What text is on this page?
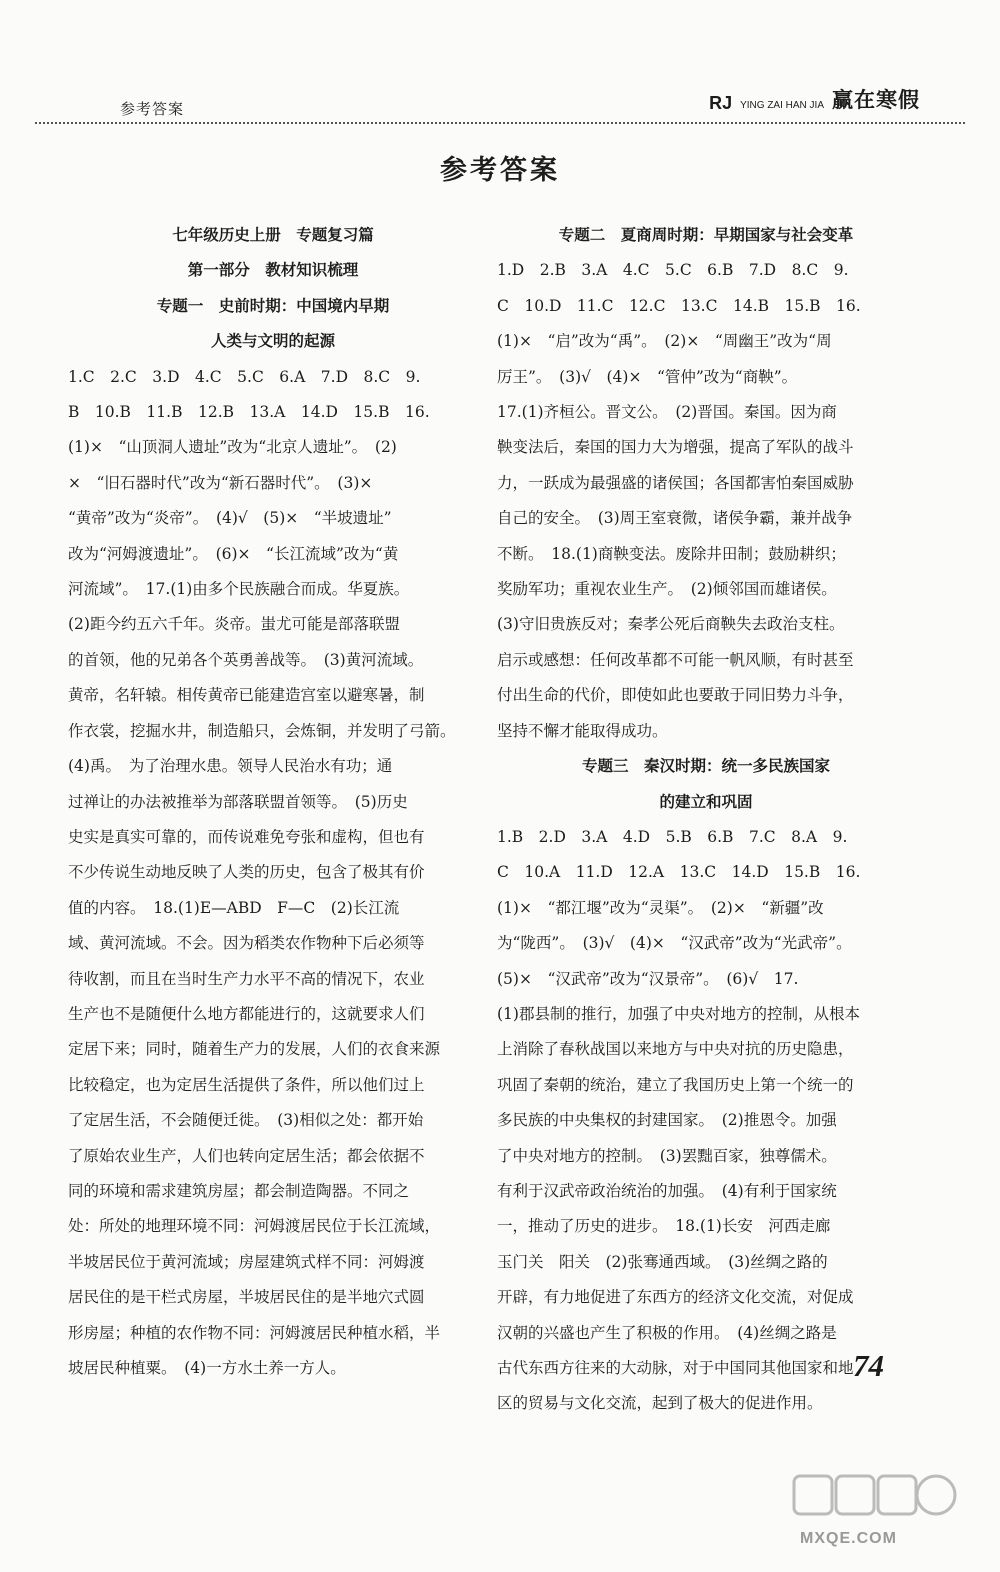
参考答案	RJ YING ZAI HAN JIA 赢在寒假
参考答案

七年级历史上册　专题复习篇

第一部分　教材知识梳理

专题一　史前时期：中国境内早期

人类与文明的起源

1.C　2.C　3.D　4.C　5.C　6.A　7.D　8.C　9.

B　10.B　11.B　12.B　13.A　14.D　15.B　16.

(1)×　“山顶洞人遗址”改为“北京人遗址”。　(2)

×　“旧石器时代”改为“新石器时代”。　(3)×

“黄帝”改为“炎帝”。　(4)√　(5)×　“半坡遗址”

改为“河姆渡遗址”。　(6)×　“长江流域”改为“黄

河流域”。　17.(1)由多个民族融合而成。华夏族。

(2)距今约五六千年。炎帝。蚩尤可能是部落联盟

的首领，他的兄弟各个英勇善战等。　(3)黄河流域。

黄帝，名轩辕。相传黄帝已能建造宫室以避寒暑，制

作衣裳，挖掘水井，制造船只，会炼铜，并发明了弓箭。

(4)禹。　为了治理水患。领导人民治水有功；通

过禅让的办法被推举为部落联盟首领等。　(5)历史

史实是真实可靠的，而传说难免夸张和虚构，但也有

不少传说生动地反映了人类的历史，包含了极其有价

值的内容。　18.(1)E—ABD　F—C　(2)长江流

域、黄河流域。不会。因为稻类农作物种下后必须等

待收割，而且在当时生产力水平不高的情况下，农业

生产也不是随便什么地方都能进行的，这就要求人们

定居下来；同时，随着生产力的发展，人们的衣食来源

比较稳定，也为定居生活提供了条件，所以他们过上

了定居生活，不会随便迁徙。　(3)相似之处：都开始

了原始农业生产，人们也转向定居生活；都会依据不

同的环境和需求建筑房屋；都会制造陶器。不同之

处：所处的地理环境不同：河姆渡居民位于长江流域，

半坡居民位于黄河流域；房屋建筑式样不同：河姆渡

居民住的是干栏式房屋，半坡居民住的是半地穴式圆

形房屋；种植的农作物不同：河姆渡居民种植水稻，半

坡居民种植粟。　(4)一方水土养一方人。

专题二　夏商周时期：早期国家与社会变革

1.D　2.B　3.A　4.C　5.C　6.B　7.D　8.C　9.

C　10.D　11.C　12.C　13.C　14.B　15.B　16.

(1)×　“启”改为“禹”。　(2)×　“周幽王”改为“周

厉王”。　(3)√　(4)×　“管仲”改为“商鞅”。

17.(1)齐桓公。晋文公。　(2)晋国。秦国。因为商

鞅变法后，秦国的国力大为增强，提高了军队的战斗

力，一跃成为最强盛的诸侯国；各国都害怕秦国威胁

自己的安全。　(3)周王室衰微，诸侯争霸，兼并战争

不断。　18.(1)商鞅变法。废除井田制；鼓励耕织；

奖励军功；重视农业生产。　(2)倾邻国而雄诸侯。

(3)守旧贵族反对；秦孝公死后商鞅失去政治支柱。

启示或感想：任何改革都不可能一帆风顺，有时甚至

付出生命的代价，即使如此也要敢于同旧势力斗争，

坚持不懈才能取得成功。

专题三　秦汉时期：统一多民族国家

的建立和巩固

1.B　2.D　3.A　4.D　5.B　6.B　7.C　8.A　9.

C　10.A　11.D　12.A　13.C　14.D　15.B　16.

(1)×　“都江堰”改为“灵渠”。　(2)×　“新疆”改

为“陇西”。　(3)√　(4)×　“汉武帝”改为“光武帝”。

(5)×　“汉武帝”改为“汉景帝”。　(6)√　17.

(1)郡县制的推行，加强了中央对地方的控制，从根本

上消除了春秋战国以来地方与中央对抗的历史隐患，

巩固了秦朝的统治，建立了我国历史上第一个统一的

多民族的中央集权的封建国家。　(2)推恩令。加强

了中央对地方的控制。　(3)罢黜百家，独尊儒术。

有利于汉武帝政治统治的加强。　(4)有利于国家统

一，推动了历史的进步。　18.(1)长安　河西走廊

玉门关　阳关　(2)张骞通西域。　(3)丝绸之路的

开辟，有力地促进了东西方的经济文化交流，对促成

汉朝的兴盛也产生了积极的作用。　(4)丝绸之路是

古代东西方往来的大动脉，对于中国同其他国家和地

区的贸易与文化交流，起到了极大的促进作用。

74
MXQE.COM
